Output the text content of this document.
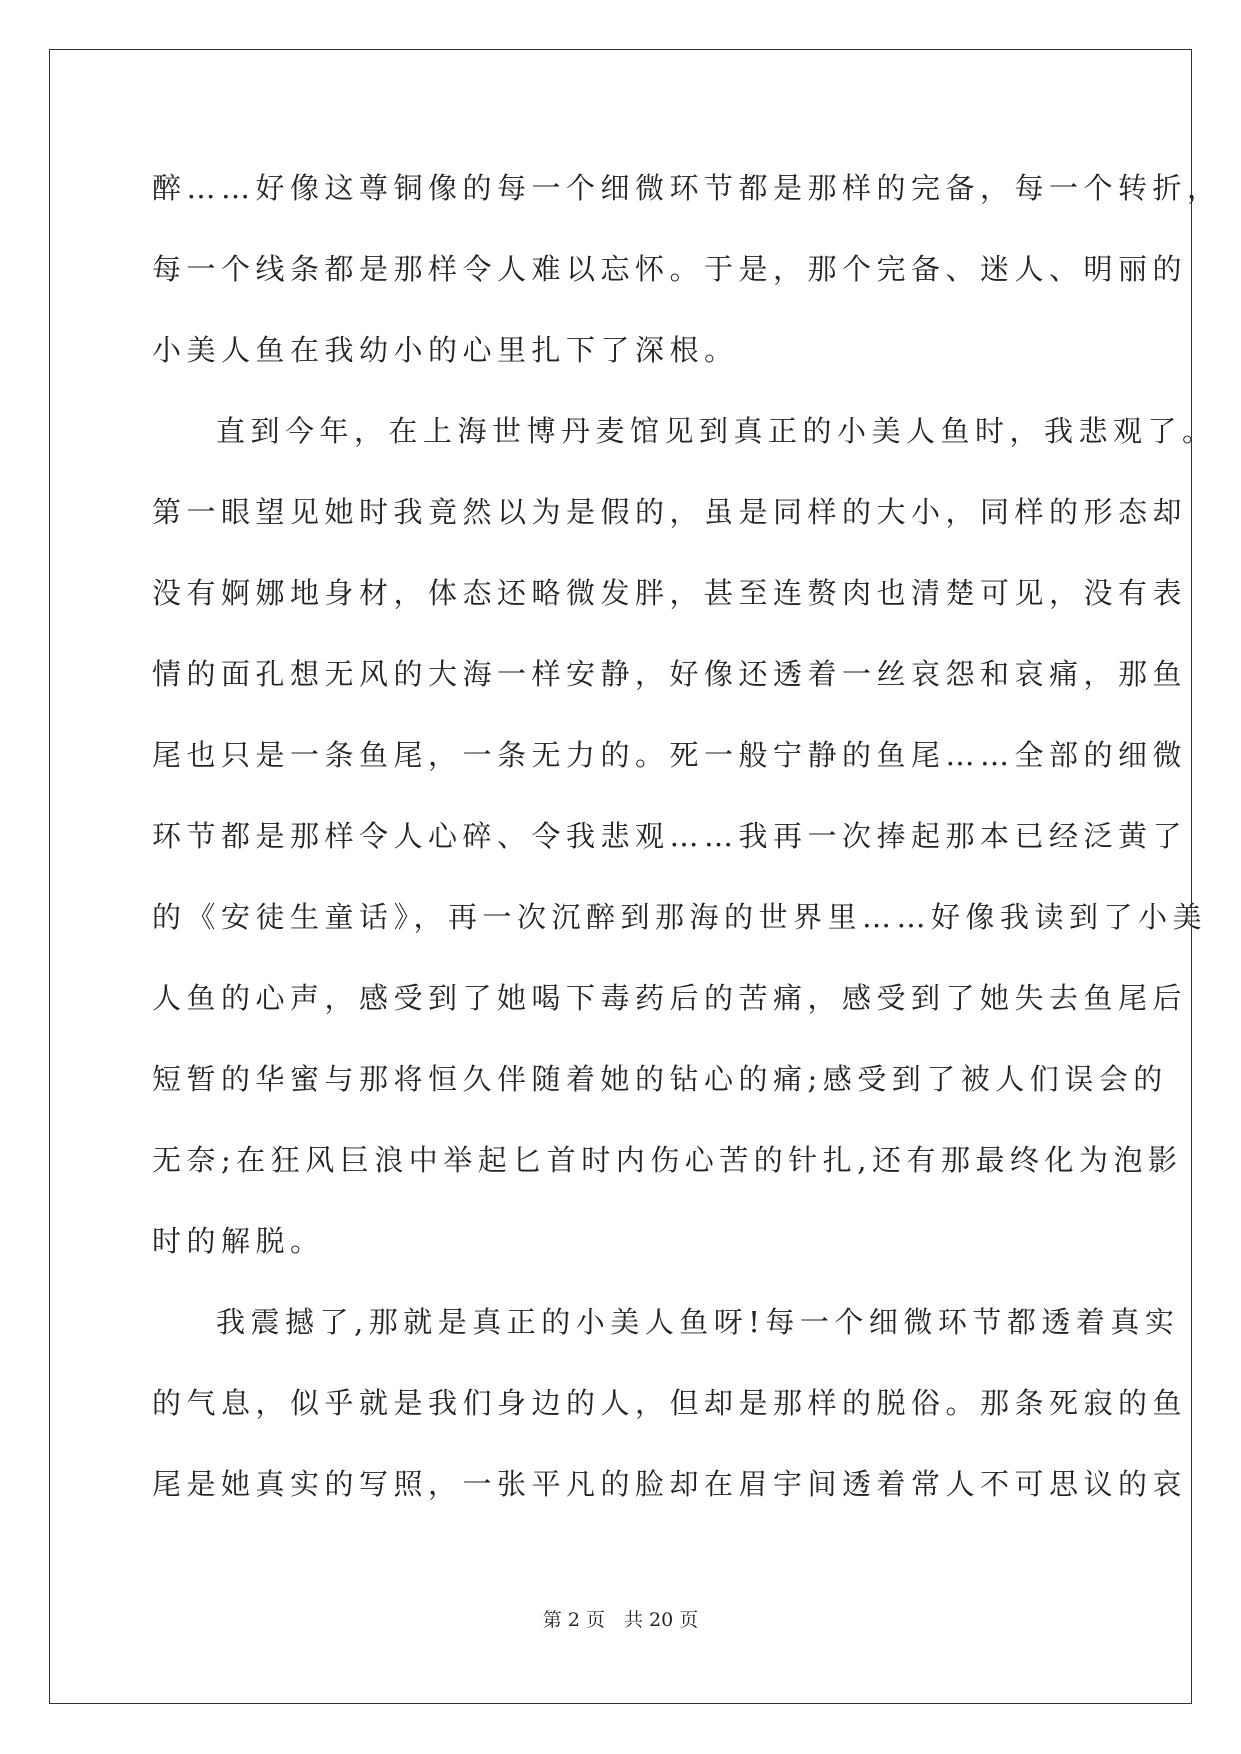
醉……好像这尊铜像的每一个细微环节都是那样的完备，每一个转折，
每一个线条都是那样令人难以忘怀。于是，那个完备、迷人、明丽的
小美人鱼在我幼小的心里扎下了深根。
直到今年，在上海世博丹麦馆见到真正的小美人鱼时，我悲观了。
第一眼望见她时我竟然以为是假的，虽是同样的大小，同样的形态却
没有婀娜地身材，体态还略微发胖，甚至连赘肉也清楚可见，没有表
情的面孔想无风的大海一样安静，好像还透着一丝哀怨和哀痛，那鱼
尾也只是一条鱼尾，一条无力的。死一般宁静的鱼尾……全部的细微
环节都是那样令人心碎、令我悲观……我再一次捧起那本已经泛黄了
的《安徒生童话》，再一次沉醉到那海的世界里……好像我读到了小美
人鱼的心声，感受到了她喝下毒药后的苦痛，感受到了她失去鱼尾后
短暂的华蜜与那将恒久伴随着她的钻心的痛;感受到了被人们误会的
无奈;在狂风巨浪中举起匕首时内伤心苦的针扎,还有那最终化为泡影
时的解脱。
我震撼了,那就是真正的小美人鱼呀!每一个细微环节都透着真实
的气息，似乎就是我们身边的人，但却是那样的脱俗。那条死寂的鱼
尾是她真实的写照，一张平凡的脸却在眉宇间透着常人不可思议的哀
第 2 页　共 20 页
